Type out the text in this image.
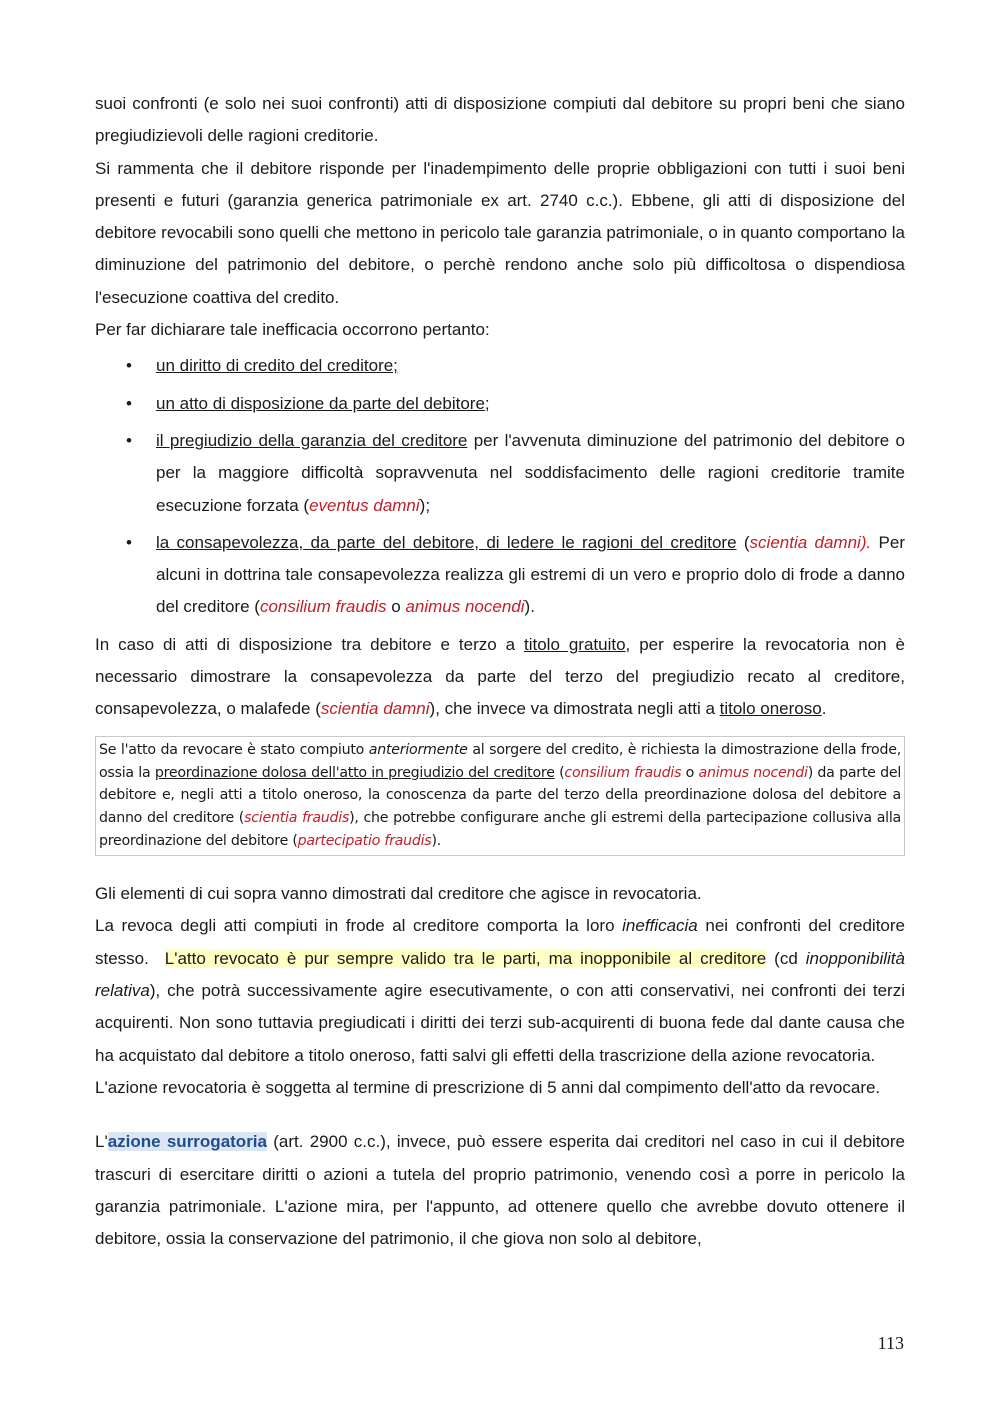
suoi confronti (e solo nei suoi confronti) atti di disposizione compiuti dal debitore su propri beni che siano pregiudizievoli delle ragioni creditorie.

Si rammenta che il debitore risponde per l'inadempimento delle proprie obbligazioni con tutti i suoi beni presenti e futuri (garanzia generica patrimoniale ex art. 2740 c.c.). Ebbene, gli atti di disposizione del debitore revocabili sono quelli che mettono in pericolo tale garanzia patrimoniale, o in quanto comportano la diminuzione del patrimonio del debitore, o perchè rendono anche solo più difficoltosa o dispendiosa l'esecuzione coattiva del credito.

Per far dichiarare tale inefficacia occorrono pertanto:

• un diritto di credito del creditore;
• un atto di disposizione da parte del debitore;
• il pregiudizio della garanzia del creditore per l'avvenuta diminuzione del patrimonio del debitore o per la maggiore difficoltà sopravvenuta nel soddisfacimento delle ragioni creditorie tramite esecuzione forzata (eventus damni);
• la consapevolezza, da parte del debitore, di ledere le ragioni del creditore (scientia damni). Per alcuni in dottrina tale consapevolezza realizza gli estremi di un vero e proprio dolo di frode a danno del creditore (consilium fraudis o animus nocendi).

In caso di atti di disposizione tra debitore e terzo a titolo gratuito, per esperire la revocatoria non è necessario dimostrare la consapevolezza da parte del terzo del pregiudizio recato al creditore, consapevolezza, o malafede (scientia damni), che invece va dimostrata negli atti a titolo oneroso.

Se l'atto da revocare è stato compiuto anteriormente al sorgere del credito, è richiesta la dimostrazione della frode, ossia la preordinazione dolosa dell'atto in pregiudizio del creditore (consilium fraudis o animus nocendi) da parte del debitore e, negli atti a titolo oneroso, la conoscenza da parte del terzo della preordinazione dolosa del debitore a danno del creditore (scientia fraudis), che potrebbe configurare anche gli estremi della partecipazione collusiva alla preordinazione del debitore (partecipatio fraudis).

Gli elementi di cui sopra vanno dimostrati dal creditore che agisce in revocatoria.

La revoca degli atti compiuti in frode al creditore comporta la loro inefficacia nei confronti del creditore stesso.  L'atto revocato è pur sempre valido tra le parti, ma inopponibile al creditore (cd inopponibilità relativa), che potrà successivamente agire esecutivamente, o con atti conservativi, nei confronti dei terzi acquirenti. Non sono tuttavia pregiudicati i diritti dei terzi sub-acquirenti di buona fede dal dante causa che ha acquistato dal debitore a titolo oneroso, fatti salvi gli effetti della trascrizione della azione revocatoria.

L'azione revocatoria è soggetta al termine di prescrizione di 5 anni dal compimento dell'atto da revocare.

L'azione surrogatoria (art. 2900 c.c.), invece, può essere esperita dai creditori nel caso in cui il debitore trascuri di esercitare diritti o azioni a tutela del proprio patrimonio, venendo così a porre in pericolo la garanzia patrimoniale. L'azione mira, per l'appunto, ad ottenere quello che avrebbe dovuto ottenere il debitore, ossia la conservazione del patrimonio, il che giova non solo al debitore,

113
